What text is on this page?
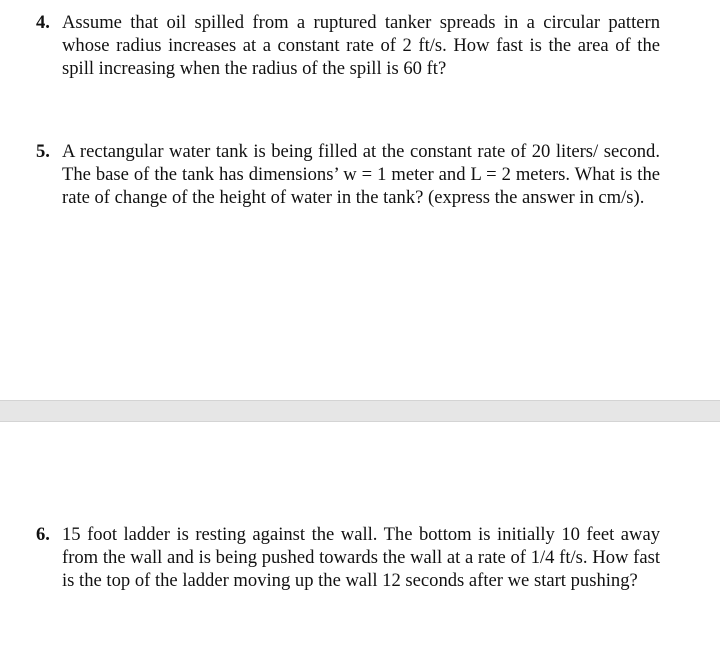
4. Assume that oil spilled from a ruptured tanker spreads in a circular pattern whose radius increases at a constant rate of 2 ft/s. How fast is the area of the spill increasing when the radius of the spill is 60 ft?
5. A rectangular water tank is being filled at the constant rate of 20 liters/ second. The base of the tank has dimensions’ w = 1 meter and L = 2 meters. What is the rate of change of the height of water in the tank? (express the answer in cm/s).
6. 15 foot ladder is resting against the wall. The bottom is initially 10 feet away from the wall and is being pushed towards the wall at a rate of 1/4 ft/s. How fast is the top of the ladder moving up the wall 12 seconds after we start pushing?
